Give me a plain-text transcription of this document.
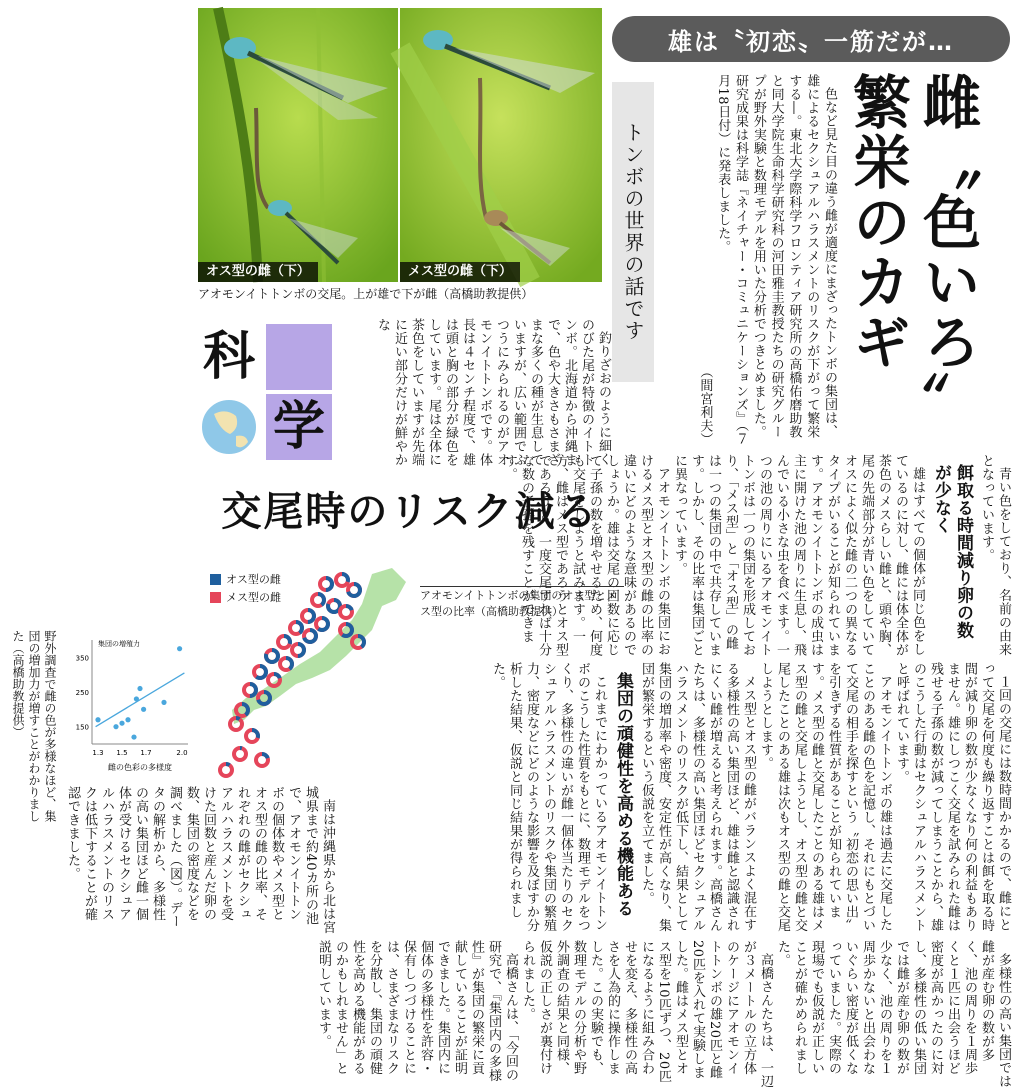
雄は〝初恋〟一筋だが…
雌〝色いろ〟繁栄のカギ

色など見た目の違う雌が適度にまざったトンボの集団は、雄によるセクシュアルハラスメントのリスクが下がって繁栄する―。東北大学際科学フロンティア研究所の高橋佑磨助教と同大学院生命科学研究科の河田雅圭教授たちの研究グループが野外実験と数理モデルを用いた分析でつきとめました。研究成果は科学誌『ネイチャー・コミュニケーションズ』（７月18日付）に発表しました。

（間宮利夫）

トンボの世界の話です
オス型の雌（下）	メス型の雌（下）
アオモンイトトンボの交尾。上が雄で下が雌（高橋助教提供）
科
学	釣りざおのように細くのびた尾が特徴のイトトンボ。北海道から沖縄まで、色や大きさもさまざまな多くの種が生息していますが、広い範囲でふつうにみられるのがアオモンイトトンボです。体長は４センチ程度で、雄は頭と胸の部分が緑色をしています。尾は全体に茶色をしていますが先端に近い部分だけが鮮やかな

交尾時のリスク減る	青い色をしており、名前の由来となっています。

餌取る時間減り卵の数が少なく

雄はすべての個体が同じ色をしているのに対し、雌には体全体が茶色のメスらしい雌と、頭や胸、尾の先端部分が青い色をしていてオスによく似た雌の二つの異なるタイプがいることが知られています。アオモンイトトンボの成虫は主に開けた池の周りに生息し、飛んでいる小さな虫を食べます。一つの池の周りにいるアオモンイトトンボは一つの集団を形成しており、「メス型」と「オス型」の雌は一つの集団の中で共存しています。しかし、その比率は集団ごとに異なっています。

アオモンイトトンボの集団におけるメス型とオス型の雌の比率の違いにどのような意味があるのでしょうか。雄は交尾の回数に応じて子孫の数を増やせるため、何度も交尾をしようと試みます。一方、雌はメス型であろうとオス型であろうと、一度交尾すれば十分な数の子孫を残すことができます。

１回の交尾には数時間かかるので、雌にとって交尾を何度も繰り返すことは餌を取る時間が減り卵の数が少なくなり何の利益もありません。雄にしつこく交尾を試みられた雌は残せる子孫の数が減ってしまうことから、雄のこうした行動はセクシュアルハラスメントと呼ばれています。

アオモンイトトンボの雄は過去に交尾したことのある雌の色を記憶し、それにもとづいて交尾の相手を探すという〝初恋の思い出〟を引きずる性質があることが知られています。メス型の雌と交尾したことのある雄はメス型の雌と交尾しようとし、オス型の雌と交尾したことのある雄は次もオス型の雌と交尾しようとします。

メス型とオス型の雌がバランスよく混在する多様性の高い集団ほど、雄は雌と認識されにくい雌が増えると考えられます。高橋さんたちは、多様性の高い集団ほどセクシュアルハラスメントのリスクが低下し、結果として集団の増加率や密度、安定性が高くなり、集団が繁栄するという仮説を立てました。

集団の頑健性を高める機能ある

これまでにわかっているアオモンイトトンボのこうした性質をもとに、数理モデルをつくり、多様性の違いが雌一個体当たりのセクシュアルハラスメントのリスクや集団の繁殖力、密度などにどのような影響を及ぼすか分析した結果、仮説と同じ結果が得られました。

南は沖縄県から北は宮城県まで約40カ所の池で、アオモンイトトンボの個体数やメス型とオス型の雌の比率、それぞれの雌がセクシュアルハラスメントを受けた回数と産んだ卵の数、集団の密度などを調べました（図）。データの解析から、多様性の高い集団ほど雌一個体が受けるセクシュアルハラスメントのリスクは低下することが確認できました。

多様性の高い集団では雌が産む卵の数が多く、池の周りを１周歩くと１匹に出会うほど密度が高かったのに対し、多様性の低い集団では雌が産む卵の数が少なく、池の周りを１周歩かないと出会わないぐらい密度が低くなっていました。実際の現場でも仮説が正しいことが確かめられました。

高橋さんたちは、一辺が３メートルの立方体のケージにアオモンイトトンボの雄20匹と雌20匹を入れて実験しました。雌はメス型とオス型を10匹ずつ、20匹になるように組み合わせを変え、多様性の高さを人為的に操作しました。この実験でも、数理モデルの分析や野外調査の結果と同様、仮説の正しさが裏付けられました。

高橋さんは、「今回の研究で、『集団内の多様性』が集団の繁栄に貢献していることが証明できました。集団内に個体の多様性を許容・保有しつづけることには、さまざまなリスクを分散し、集団の頑健性を高める機能があるのかもしれません」と説明しています。

オス型の雌
メス型の雌	アオモンイトトンボの集団のオス型とメス型の比率（高橋助教提供）
野外調査で雌の色が多様なほど、集団の増加力が増すことがわかりました（高橋助教提供）
1.3 1.5 1.7	2.0
150
250
350
雌の色彩の多様度
集団の増殖力
